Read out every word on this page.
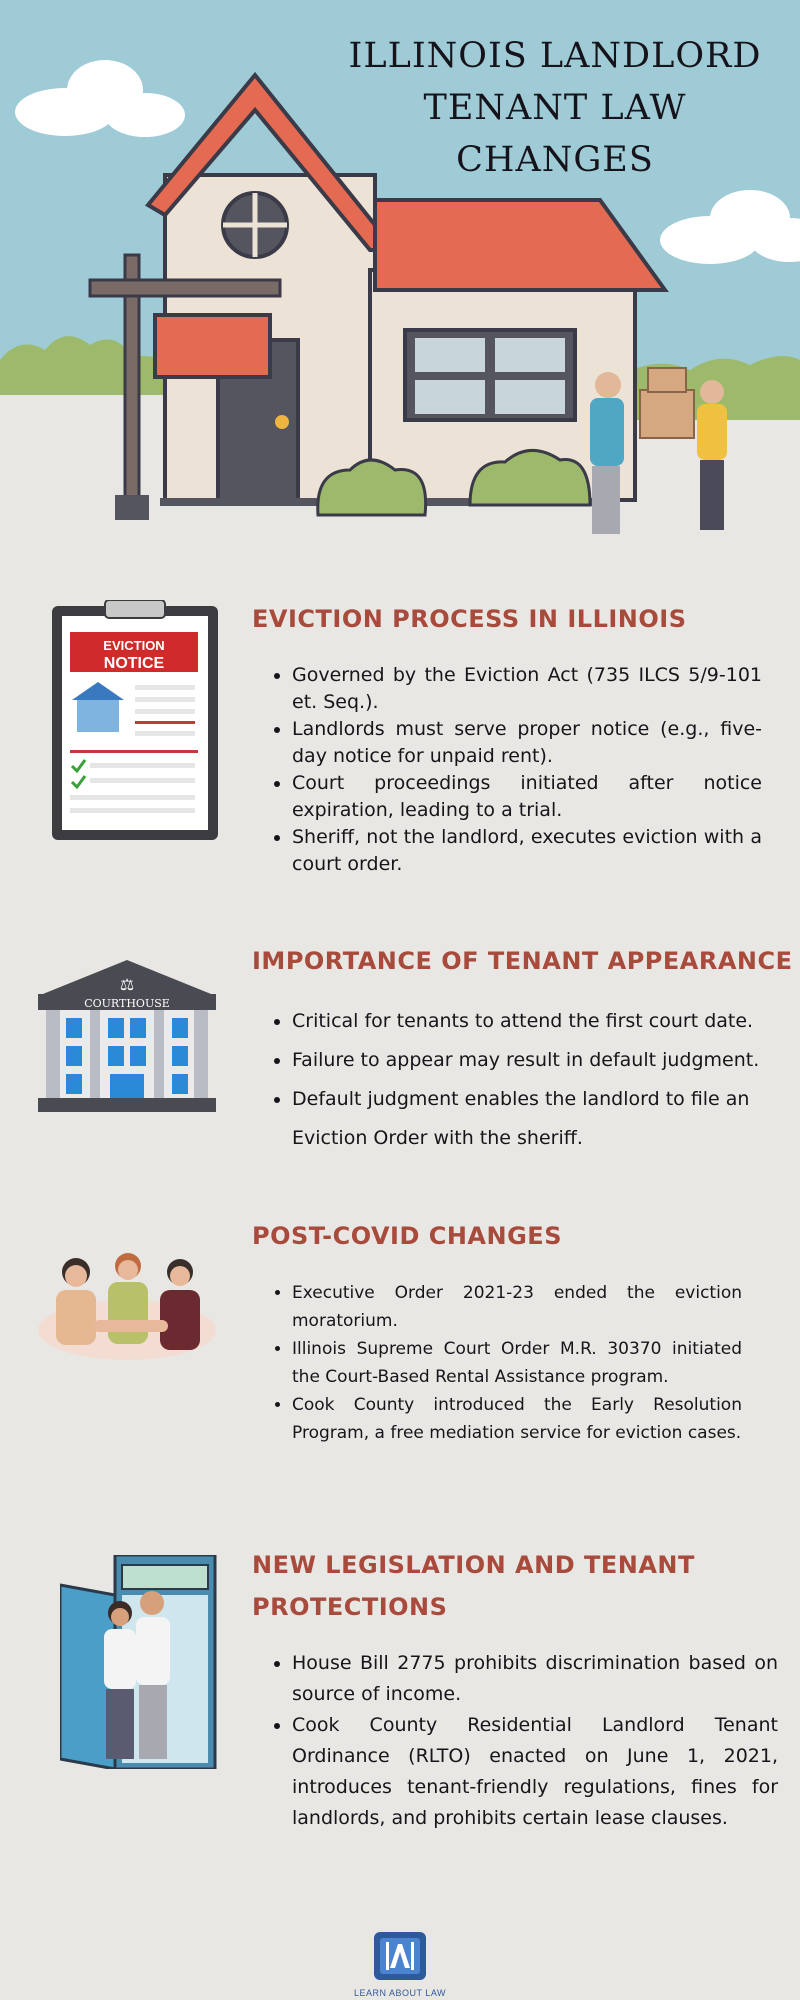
ILLINOIS LANDLORD
TENANT LAW CHANGES
EVICTION
NOTICE
EVICTION PROCESS IN ILLINOIS
• Governed by the Eviction Act (735 ILCS 5/9-101 et. Seq.).
• Landlords must serve proper notice (e.g., five-day notice for unpaid rent).
• Court proceedings initiated after notice expiration, leading to a trial.
• Sheriff, not the landlord, executes eviction with a court order.
COURTHOUSE
⚖
IMPORTANCE OF TENANT APPEARANCE
• Critical for tenants to attend the first court date.
• Failure to appear may result in default judgment.
• Default judgment enables the landlord to file an Eviction Order with the sheriff.
POST-COVID CHANGES
• Executive Order 2021-23 ended the eviction moratorium.
• Illinois Supreme Court Order M.R. 30370 initiated the Court-Based Rental Assistance program.
• Cook County introduced the Early Resolution Program, a free mediation service for eviction cases.
NEW LEGISLATION AND TENANT
PROTECTIONS
• House Bill 2775 prohibits discrimination based on source of income.
• Cook County Residential Landlord Tenant Ordinance (RLTO) enacted on June 1, 2021, introduces tenant-friendly regulations, fines for landlords, and prohibits certain lease clauses.
LEARN ABOUT LAW
